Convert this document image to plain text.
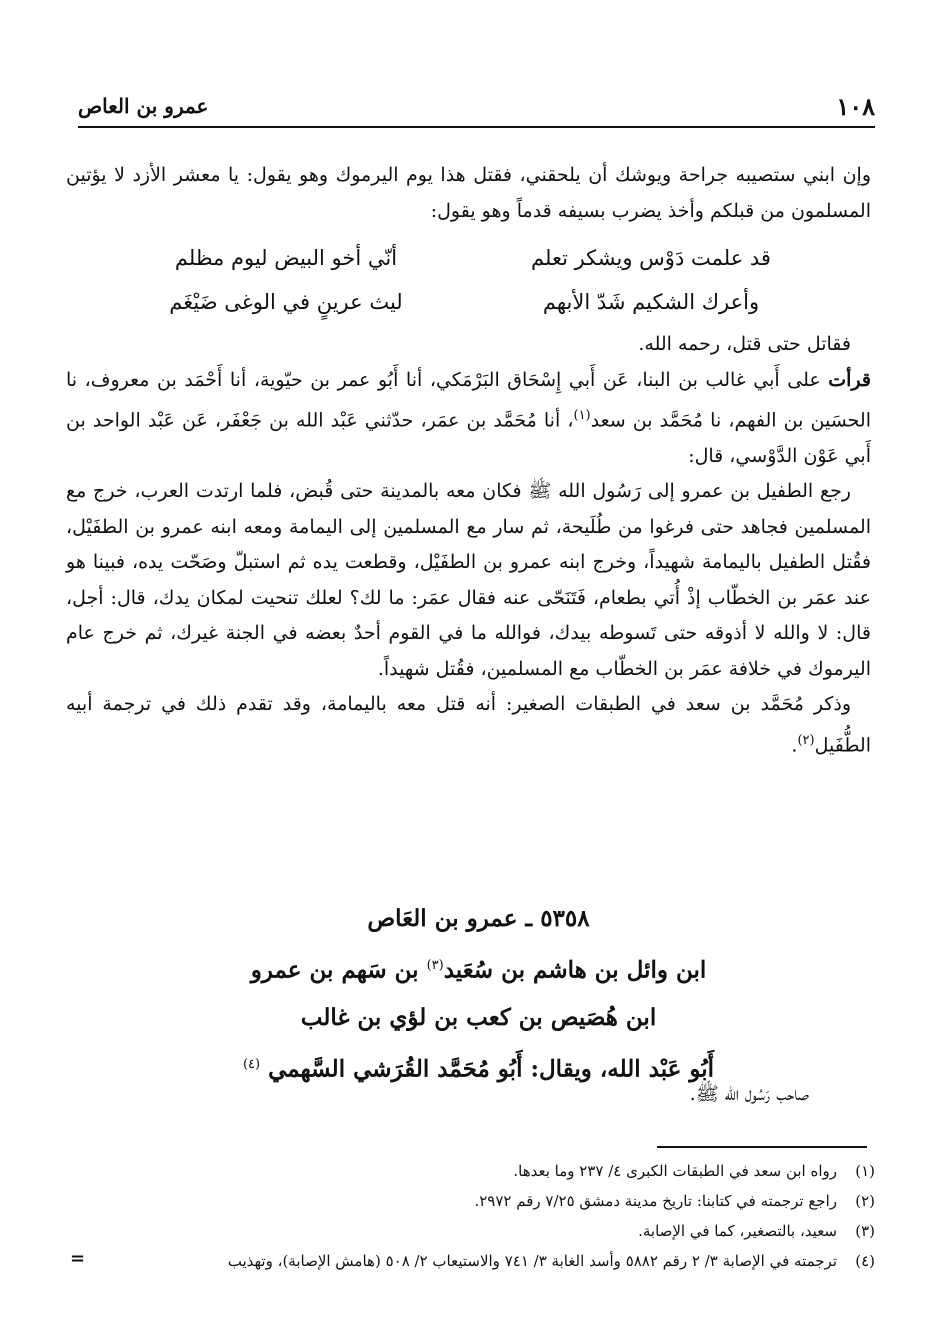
١٠٨
عمرو بن العاص

وإن ابني ستصيبه جراحة ويوشك أن يلحقني، فقتل هذا يوم اليرموك وهو يقول: يا معشر الأزد لا يؤتين المسلمون من قبلكم وأخذ يضرب بسيفه قدماً وهو يقول:

قد علمت دَوْس ويشكر تعلم
أنّي أخو البيض ليوم مظلم
وأعرك الشكيم شَدّ الأبهم
ليث عرينٍ في الوغى ضَيْغَم

فقاتل حتى قتل، رحمه الله.

قرأت على أَبي غالب بن البنا، عَن أَبي إِسْحَاق البَرْمَكي، أنا أَبُو عمر بن حيّوية، أنا أَحْمَد بن معروف، نا الحسَين بن الفهم، نا مُحَمَّد بن سعد$^{(١)}$، أنا مُحَمَّد بن عمَر، حدّثني عَبْد الله بن جَعْفَر، عَن عَبْد الواحد بن أَبي عَوْن الدَّوْسي، قال:

رجع الطفيل بن عمرو إلى رَسُول الله ﷺ فكان معه بالمدينة حتى قُبض، فلما ارتدت العرب، خرج مع المسلمين فجاهد حتى فرغوا من طُلَيحة، ثم سار مع المسلمين إلى اليمامة ومعه ابنه عمرو بن الطفَيْل، فقُتل الطفيل باليمامة شهيداً، وخرج ابنه عمرو بن الطفَيْل، وقطعت يده ثم استبلّ وصَحّت يده، فبينا هو عند عمَر بن الخطّاب إذْ أُتي بطعام، فَتَنَحّى عنه فقال عمَر: ما لك؟ لعلك تنحيت لمكان يدك، قال: أجل، قال: لا والله لا أذوقه حتى تَسوطه بيدك، فوالله ما في القوم أحدٌ بعضه في الجنة غيرك، ثم خرج عام اليرموك في خلافة عمَر بن الخطّاب مع المسلمين، فقُتل شهيداً.

وذكر مُحَمَّد بن سعد في الطبقات الصغير: أنه قتل معه باليمامة، وقد تقدم ذلك في ترجمة أبيه الطُّفَيل$^{(٢)}$.

٥٣٥٨ ـ عمرو بن العَاص
ابن وائل بن هاشم بن سُعَيد$^{(٣)}$ بن سَهم بن عمرو
ابن هُصَيص بن كعب بن لؤي بن غالب
أَبُو عَبْد الله، ويقال: أَبُو مُحَمَّد القُرَشي السَّهمي $^{(٤)}$
صاحب رَسُول الله ﷺ.
(١)
رواه ابن سعد في الطبقات الكبرى ٤/ ٢٣٧ وما بعدها.
(٢)
راجع ترجمته في كتابنا: تاريخ مدينة دمشق ٧/٢٥ رقم ٢٩٧٢.
(٣)
سعيد، بالتصغير، كما في الإصابة.
(٤)
ترجمته في الإصابة ٣/ ٢ رقم ٥٨٨٢ وأسد الغابة ٣/ ٧٤١ والاستيعاب ٢/ ٥٠٨ (هامش الإصابة)، وتهذيب
=
